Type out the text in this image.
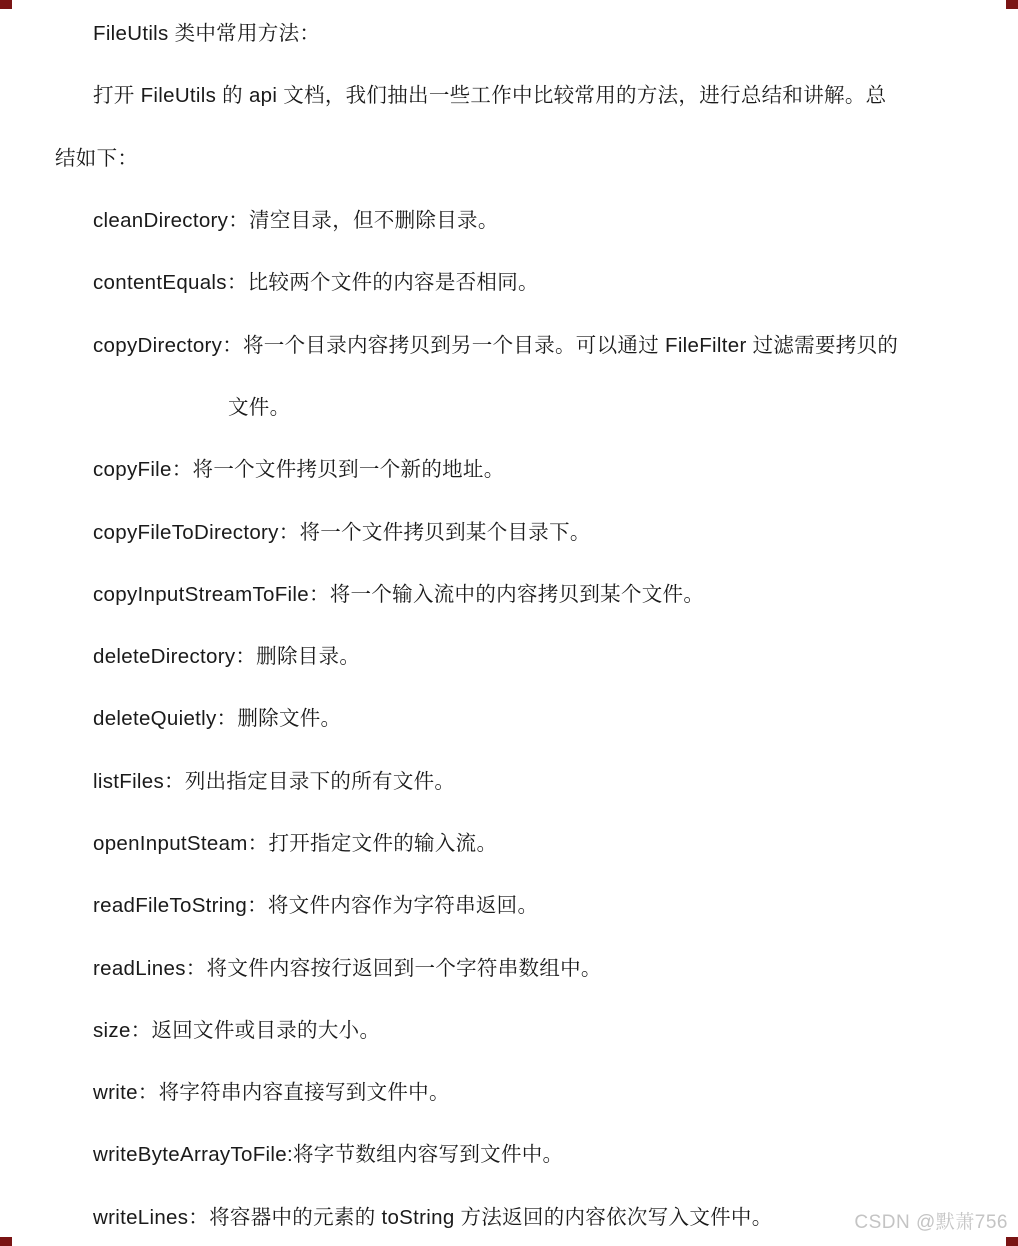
FileUtils 类中常用方法：
打开 FileUtils 的 api 文档，我们抽出一些工作中比较常用的方法，进行总结和讲解。总
结如下：
cleanDirectory：清空目录，但不删除目录。
contentEquals：比较两个文件的内容是否相同。
copyDirectory：将一个目录内容拷贝到另一个目录。可以通过 FileFilter 过滤需要拷贝的
文件。
copyFile：将一个文件拷贝到一个新的地址。
copyFileToDirectory：将一个文件拷贝到某个目录下。
copyInputStreamToFile：将一个输入流中的内容拷贝到某个文件。
deleteDirectory：删除目录。
deleteQuietly：删除文件。
listFiles：列出指定目录下的所有文件。
openInputSteam：打开指定文件的输入流。
readFileToString：将文件内容作为字符串返回。
readLines：将文件内容按行返回到一个字符串数组中。
size：返回文件或目录的大小。
write：将字符串内容直接写到文件中。
writeByteArrayToFile:将字节数组内容写到文件中。
writeLines：将容器中的元素的 toString 方法返回的内容依次写入文件中。	CSDN @默萧756
